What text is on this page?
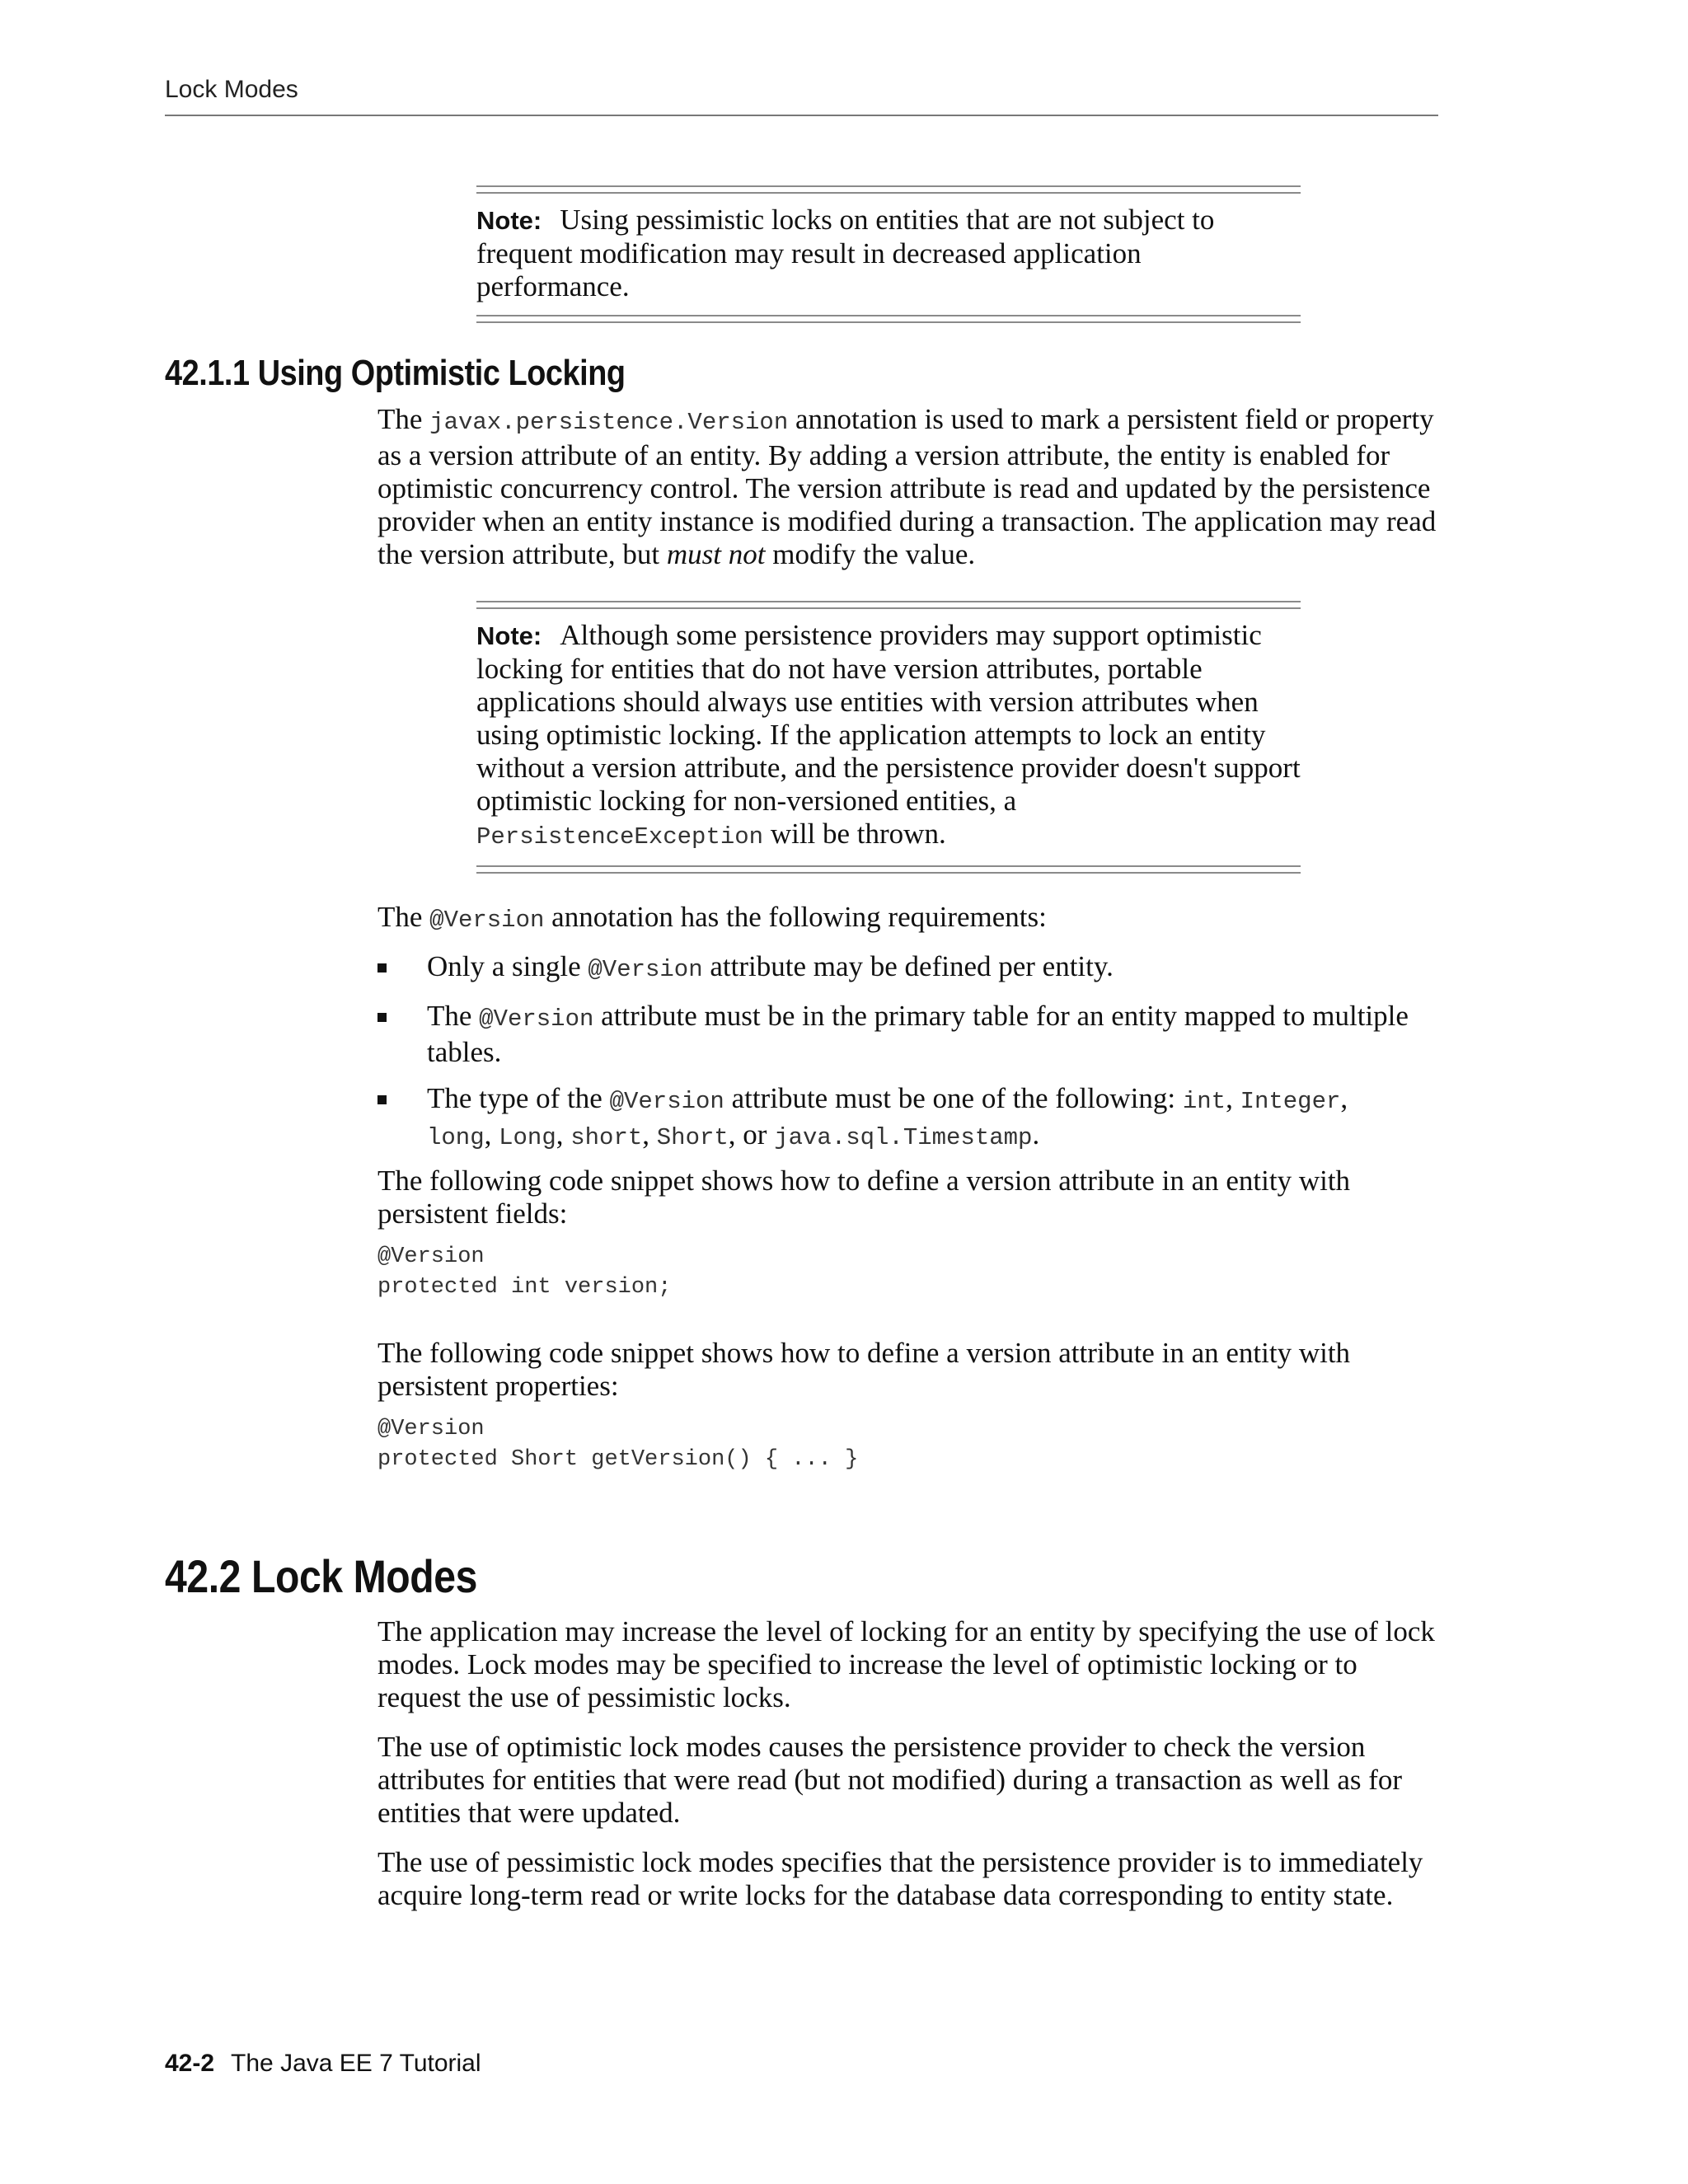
Lock Modes
Note: Using pessimistic locks on entities that are not subject to frequent modification may result in decreased application performance.
42.1.1 Using Optimistic Locking
The javax.persistence.Version annotation is used to mark a persistent field or property as a version attribute of an entity. By adding a version attribute, the entity is enabled for optimistic concurrency control. The version attribute is read and updated by the persistence provider when an entity instance is modified during a transaction. The application may read the version attribute, but must not modify the value.
Note: Although some persistence providers may support optimistic locking for entities that do not have version attributes, portable applications should always use entities with version attributes when using optimistic locking. If the application attempts to lock an entity without a version attribute, and the persistence provider doesn't support optimistic locking for non-versioned entities, a PersistenceException will be thrown.
The @Version annotation has the following requirements:
Only a single @Version attribute may be defined per entity.
The @Version attribute must be in the primary table for an entity mapped to multiple tables.
The type of the @Version attribute must be one of the following: int, Integer,
long, Long, short, Short, or java.sql.Timestamp.
The following code snippet shows how to define a version attribute in an entity with persistent fields:
@Version
protected int version;
The following code snippet shows how to define a version attribute in an entity with persistent properties:
@Version
protected Short getVersion() { ... }
42.2 Lock Modes
The application may increase the level of locking for an entity by specifying the use of lock modes. Lock modes may be specified to increase the level of optimistic locking or to request the use of pessimistic locks.
The use of optimistic lock modes causes the persistence provider to check the version attributes for entities that were read (but not modified) during a transaction as well as for entities that were updated.
The use of pessimistic lock modes specifies that the persistence provider is to immediately acquire long-term read or write locks for the database data corresponding to entity state.
42-2 The Java EE 7 Tutorial
